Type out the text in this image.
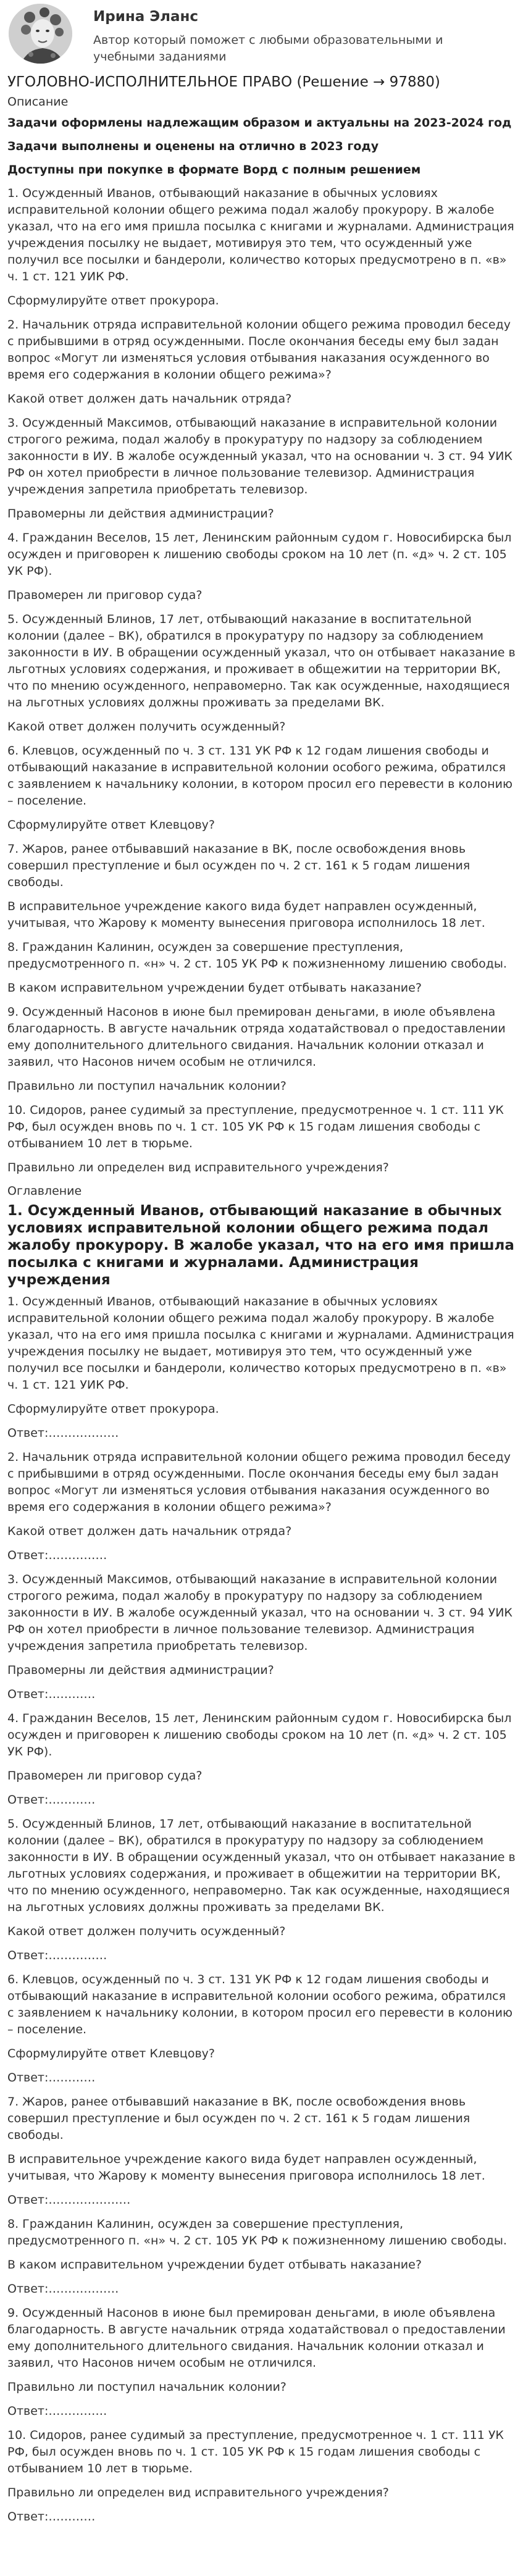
Ирина Эланс
Автор который поможет с любыми образовательными и учебными заданиями
УГОЛОВНО-ИСПОЛНИТЕЛЬНОЕ ПРАВО (Решение → 97880)
Описание
Задачи оформлены надлежащим образом и актуальны на 2023-2024 год
Задачи выполнены и оценены на отлично в 2023 году
Доступны при покупке в формате Ворд с полным решением
1. Осужденный Иванов, отбывающий наказание в обычных условиях исправительной колонии общего режима подал жалобу прокурору. В жалобе указал, что на его имя пришла посылка с книгами и журналами. Администрация учреждения посылку не выдает, мотивируя это тем, что осужденный уже получил все посылки и бандероли, количество которых предусмотрено в п. «в» ч. 1 ст. 121 УИК РФ.
Сформулируйте ответ прокурора.
2. Начальник отряда исправительной колонии общего режима проводил беседу с прибывшими в отряд осужденными. После окончания беседы ему был задан вопрос «Могут ли изменяться условия отбывания наказания осужденного во время его содержания в колонии общего режима»?
Какой ответ должен дать начальник отряда?
3. Осужденный Максимов, отбывающий наказание в исправительной колонии строгого режима, подал жалобу в прокуратуру по надзору за соблюдением законности в ИУ. В жалобе осужденный указал, что на основании ч. 3 ст. 94 УИК РФ он хотел приобрести в личное пользование телевизор. Администрация учреждения запретила приобретать телевизор.
Правомерны ли действия администрации?
4. Гражданин Веселов, 15 лет, Ленинским районным судом г. Новосибирска был осужден и приговорен к лишению свободы сроком на 10 лет (п. «д» ч. 2 ст. 105 УК РФ).
Правомерен ли приговор суда?
5. Осужденный Блинов, 17 лет, отбывающий наказание в воспитательной колонии (далее – ВК), обратился в прокуратуру по надзору за соблюдением законности в ИУ. В обращении осужденный указал, что он отбывает наказание в льготных условиях содержания, и проживает в общежитии на территории ВК, что по мнению осужденного, неправомерно. Так как осужденные, находящиеся на льготных условиях должны проживать за пределами ВК.
Какой ответ должен получить осужденный?
6. Клевцов, осужденный по ч. 3 ст. 131 УК РФ к 12 годам лишения свободы и отбывающий наказание в исправительной колонии особого режима, обратился с заявлением к начальнику колонии, в котором просил его перевести в колонию – поселение.
Сформулируйте ответ Клевцову?
7. Жаров, ранее отбывавший наказание в ВК, после освобождения вновь совершил преступление и был осужден по ч. 2 ст. 161 к 5 годам лишения свободы.
В исправительное учреждение какого вида будет направлен осужденный, учитывая, что Жарову к моменту вынесения приговора исполнилось 18 лет.
8. Гражданин Калинин, осужден за совершение преступления, предусмотренного п. «н» ч. 2 ст. 105 УК РФ к пожизненному лишению свободы.
В каком исправительном учреждении будет отбывать наказание?
9. Осужденный Насонов в июне был премирован деньгами, в июле объявлена благодарность. В августе начальник отряда ходатайствовал о предоставлении ему дополнительного длительного свидания. Начальник колонии отказал и заявил, что Насонов ничем особым не отличился.
Правильно ли поступил начальник колонии?
10. Сидоров, ранее судимый за преступление, предусмотренное ч. 1 ст. 111 УК РФ, был осужден вновь по ч. 1 ст. 105 УК РФ к 15 годам лишения свободы с отбыванием 10 лет в тюрьме.
Правильно ли определен вид исправительного учреждения?
Оглавление
1. Осужденный Иванов, отбывающий наказание в обычных условиях исправительной колонии общего режима подал жалобу прокурору. В жалобе указал, что на его имя пришла посылка с книгами и журналами. Администрация учреждения
1. Осужденный Иванов, отбывающий наказание в обычных условиях исправительной колонии общего режима подал жалобу прокурору. В жалобе указал, что на его имя пришла посылка с книгами и журналами. Администрация учреждения посылку не выдает, мотивируя это тем, что осужденный уже получил все посылки и бандероли, количество которых предусмотрено в п. «в» ч. 1 ст. 121 УИК РФ.
Сформулируйте ответ прокурора.
Ответ:………………
2. Начальник отряда исправительной колонии общего режима проводил беседу с прибывшими в отряд осужденными. После окончания беседы ему был задан вопрос «Могут ли изменяться условия отбывания наказания осужденного во время его содержания в колонии общего режима»?
Какой ответ должен дать начальник отряда?
Ответ:……………
3. Осужденный Максимов, отбывающий наказание в исправительной колонии строгого режима, подал жалобу в прокуратуру по надзору за соблюдением законности в ИУ. В жалобе осужденный указал, что на основании ч. 3 ст. 94 УИК РФ он хотел приобрести в личное пользование телевизор. Администрация учреждения запретила приобретать телевизор.
Правомерны ли действия администрации?
Ответ:…………
4. Гражданин Веселов, 15 лет, Ленинским районным судом г. Новосибирска был осужден и приговорен к лишению свободы сроком на 10 лет (п. «д» ч. 2 ст. 105 УК РФ).
Правомерен ли приговор суда?
Ответ:…………
5. Осужденный Блинов, 17 лет, отбывающий наказание в воспитательной колонии (далее – ВК), обратился в прокуратуру по надзору за соблюдением законности в ИУ. В обращении осужденный указал, что он отбывает наказание в льготных условиях содержания, и проживает в общежитии на территории ВК, что по мнению осужденного, неправомерно. Так как осужденные, находящиеся на льготных условиях должны проживать за пределами ВК.
Какой ответ должен получить осужденный?
Ответ:……………
6. Клевцов, осужденный по ч. 3 ст. 131 УК РФ к 12 годам лишения свободы и отбывающий наказание в исправительной колонии особого режима, обратился с заявлением к начальнику колонии, в котором просил его перевести в колонию – поселение.
Сформулируйте ответ Клевцову?
Ответ:…………
7. Жаров, ранее отбывавший наказание в ВК, после освобождения вновь совершил преступление и был осужден по ч. 2 ст. 161 к 5 годам лишения свободы.
В исправительное учреждение какого вида будет направлен осужденный, учитывая, что Жарову к моменту вынесения приговора исполнилось 18 лет.
Ответ:…………………
8. Гражданин Калинин, осужден за совершение преступления, предусмотренного п. «н» ч. 2 ст. 105 УК РФ к пожизненному лишению свободы.
В каком исправительном учреждении будет отбывать наказание?
Ответ:………………
9. Осужденный Насонов в июне был премирован деньгами, в июле объявлена благодарность. В августе начальник отряда ходатайствовал о предоставлении ему дополнительного длительного свидания. Начальник колонии отказал и заявил, что Насонов ничем особым не отличился.
Правильно ли поступил начальник колонии?
Ответ:……………
10. Сидоров, ранее судимый за преступление, предусмотренное ч. 1 ст. 111 УК РФ, был осужден вновь по ч. 1 ст. 105 УК РФ к 15 годам лишения свободы с отбыванием 10 лет в тюрьме.
Правильно ли определен вид исправительного учреждения?
Ответ:…………
